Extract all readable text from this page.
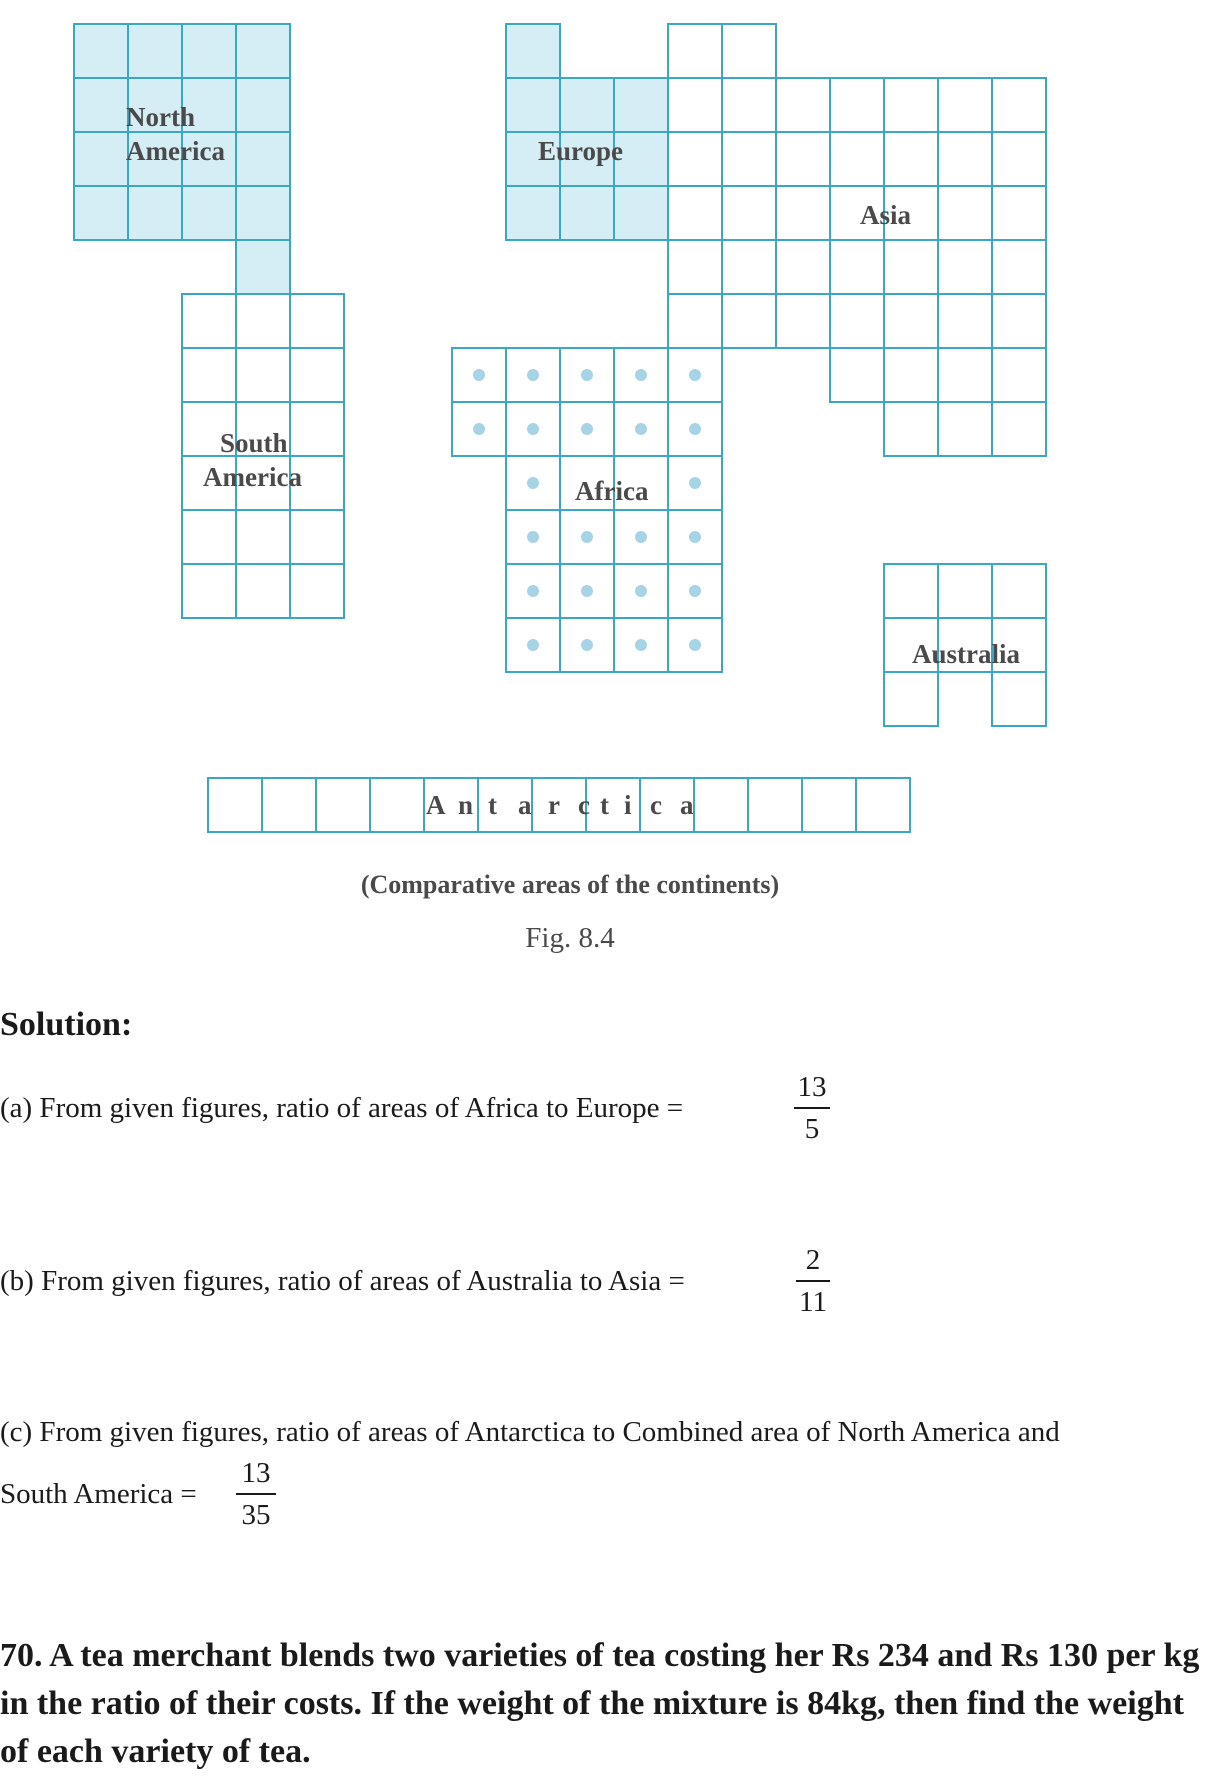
North
America	Europe
Asia
South
America	Africa
Australia
A n t a r c t i c a
(Comparative areas of the continents)
Fig. 8.4
Solution:
(a) From given figures, ratio of areas of Africa to Europe =
13
5
(b) From given figures, ratio of areas of Australia to Asia =
2
11
(c) From given figures, ratio of areas of Antarctica to Combined area of North America and
South America =
13
35
70. A tea merchant blends two varieties of tea costing her Rs 234 and Rs 130 per kg in the ratio of their costs. If the weight of the mixture is 84kg, then find the weight of each variety of tea.
